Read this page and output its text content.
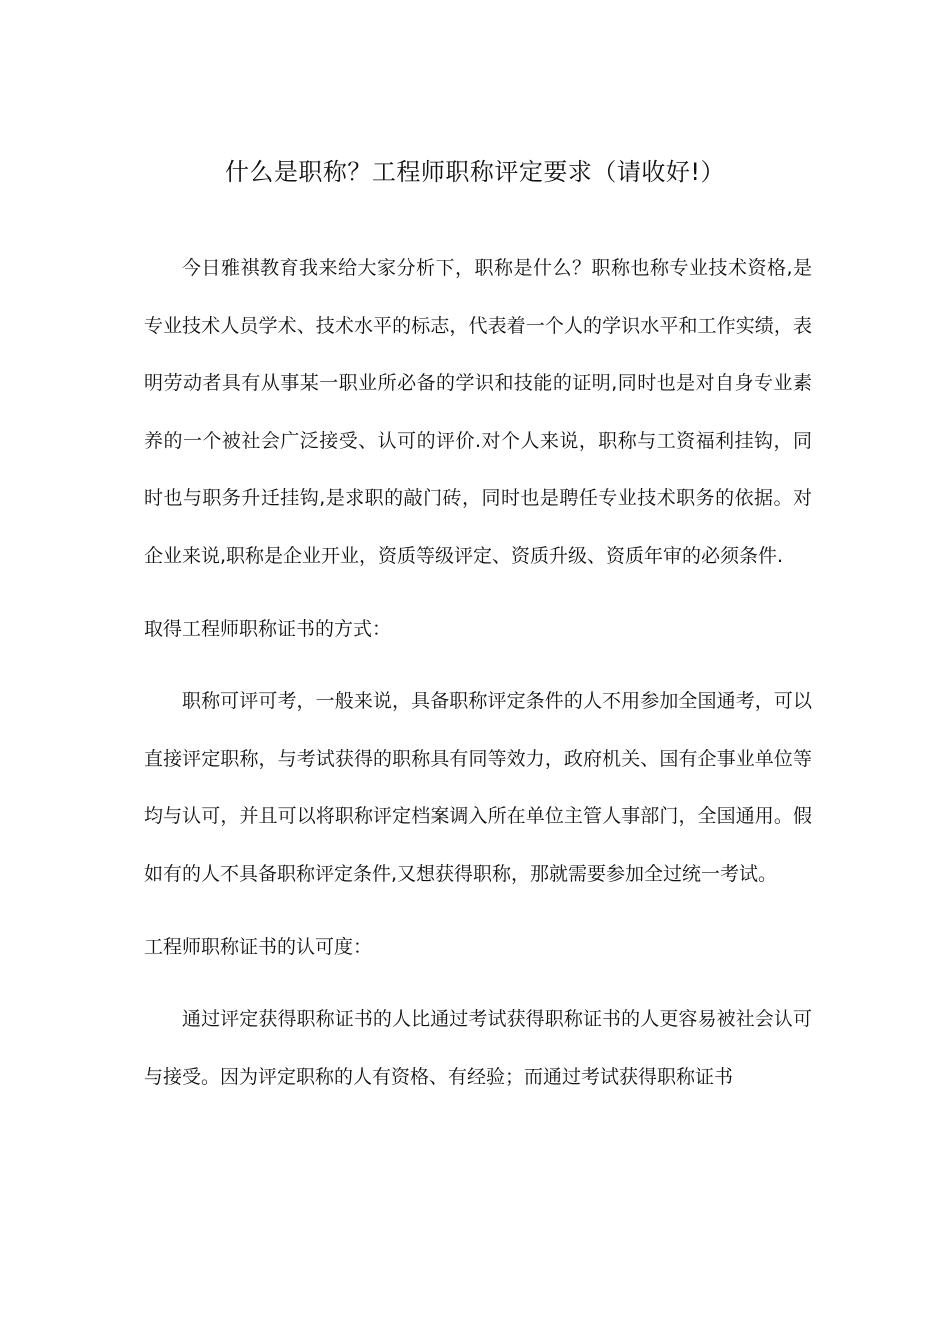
什么是职称？工程师职称评定要求（请收好!）

今日雅祺教育我来给大家分析下，职称是什么？职称也称专业技术资格,是专业技术人员学术、技术水平的标志，代表着一个人的学识水平和工作实绩，表明劳动者具有从事某一职业所必备的学识和技能的证明,同时也是对自身专业素养的一个被社会广泛接受、认可的评价.对个人来说，职称与工资福利挂钩，同时也与职务升迁挂钩,是求职的敲门砖，同时也是聘任专业技术职务的依据。对企业来说,职称是企业开业，资质等级评定、资质升级、资质年审的必须条件.

取得工程师职称证书的方式：

职称可评可考，一般来说，具备职称评定条件的人不用参加全国通考，可以直接评定职称，与考试获得的职称具有同等效力，政府机关、国有企事业单位等均与认可，并且可以将职称评定档案调入所在单位主管人事部门，全国通用。假如有的人不具备职称评定条件,又想获得职称，那就需要参加全过统一考试。

工程师职称证书的认可度：

通过评定获得职称证书的人比通过考试获得职称证书的人更容易被社会认可与接受。因为评定职称的人有资格、有经验；而通过考试获得职称证书
